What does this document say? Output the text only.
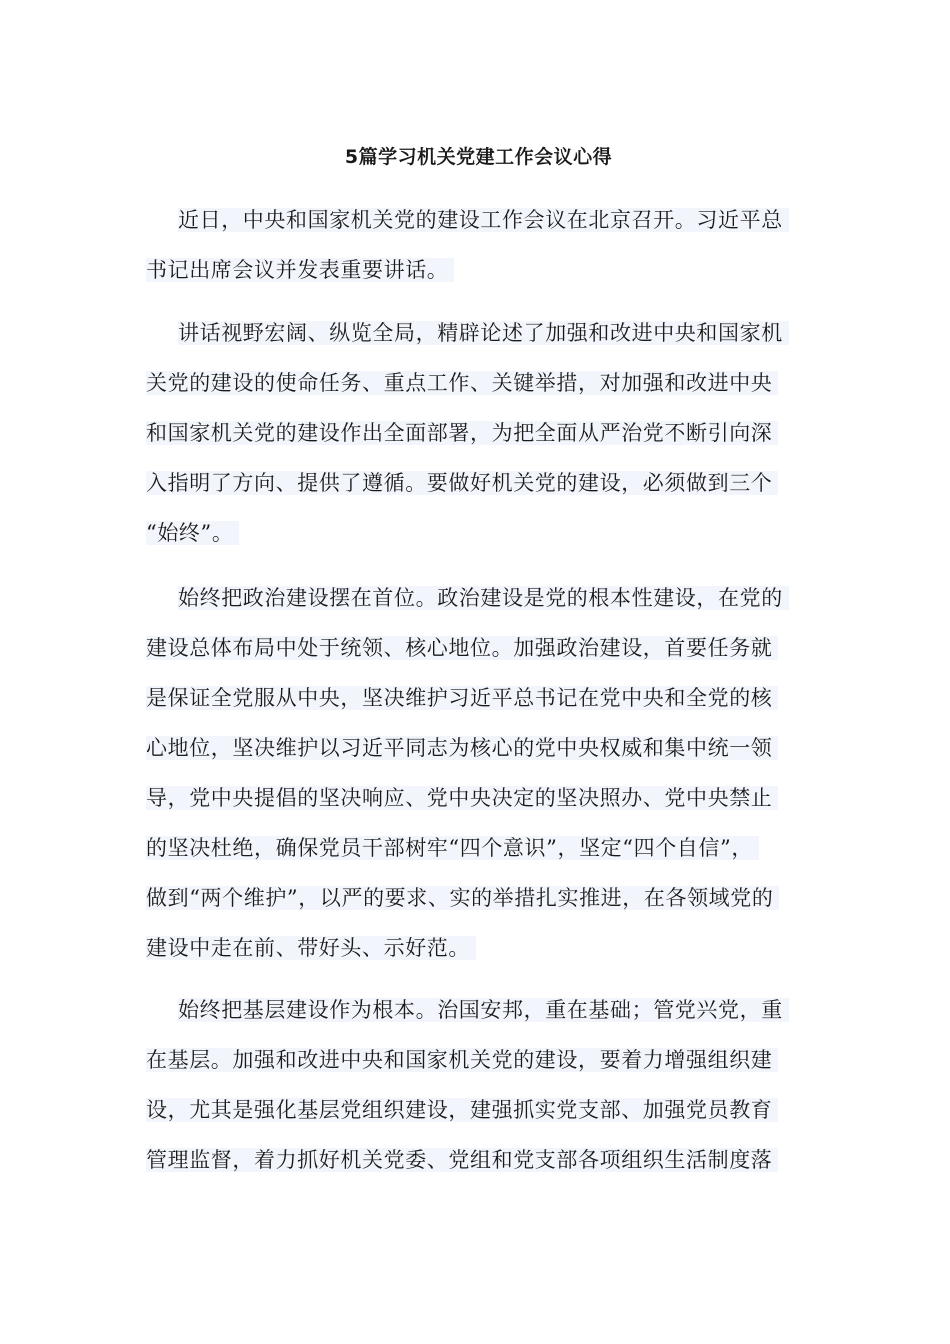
5篇学习机关党建工作会议心得
近日，中央和国家机关党的建设工作会议在北京召开。习近平总
书记出席会议并发表重要讲话。
讲话视野宏阔、纵览全局，精辟论述了加强和改进中央和国家机
关党的建设的使命任务、重点工作、关键举措，对加强和改进中央
和国家机关党的建设作出全面部署，为把全面从严治党不断引向深
入指明了方向、提供了遵循。要做好机关党的建设，必须做到三个
“始终”。
始终把政治建设摆在首位。政治建设是党的根本性建设，在党的
建设总体布局中处于统领、核心地位。加强政治建设，首要任务就
是保证全党服从中央，坚决维护习近平总书记在党中央和全党的核
心地位，坚决维护以习近平同志为核心的党中央权威和集中统一领
导，党中央提倡的坚决响应、党中央决定的坚决照办、党中央禁止
的坚决杜绝，确保党员干部树牢“四个意识”，坚定“四个自信”，
做到“两个维护”，以严的要求、实的举措扎实推进，在各领域党的
建设中走在前、带好头、示好范。
始终把基层建设作为根本。治国安邦，重在基础；管党兴党，重
在基层。加强和改进中央和国家机关党的建设，要着力增强组织建
设，尤其是强化基层党组织建设，建强抓实党支部、加强党员教育
管理监督，着力抓好机关党委、党组和党支部各项组织生活制度落
